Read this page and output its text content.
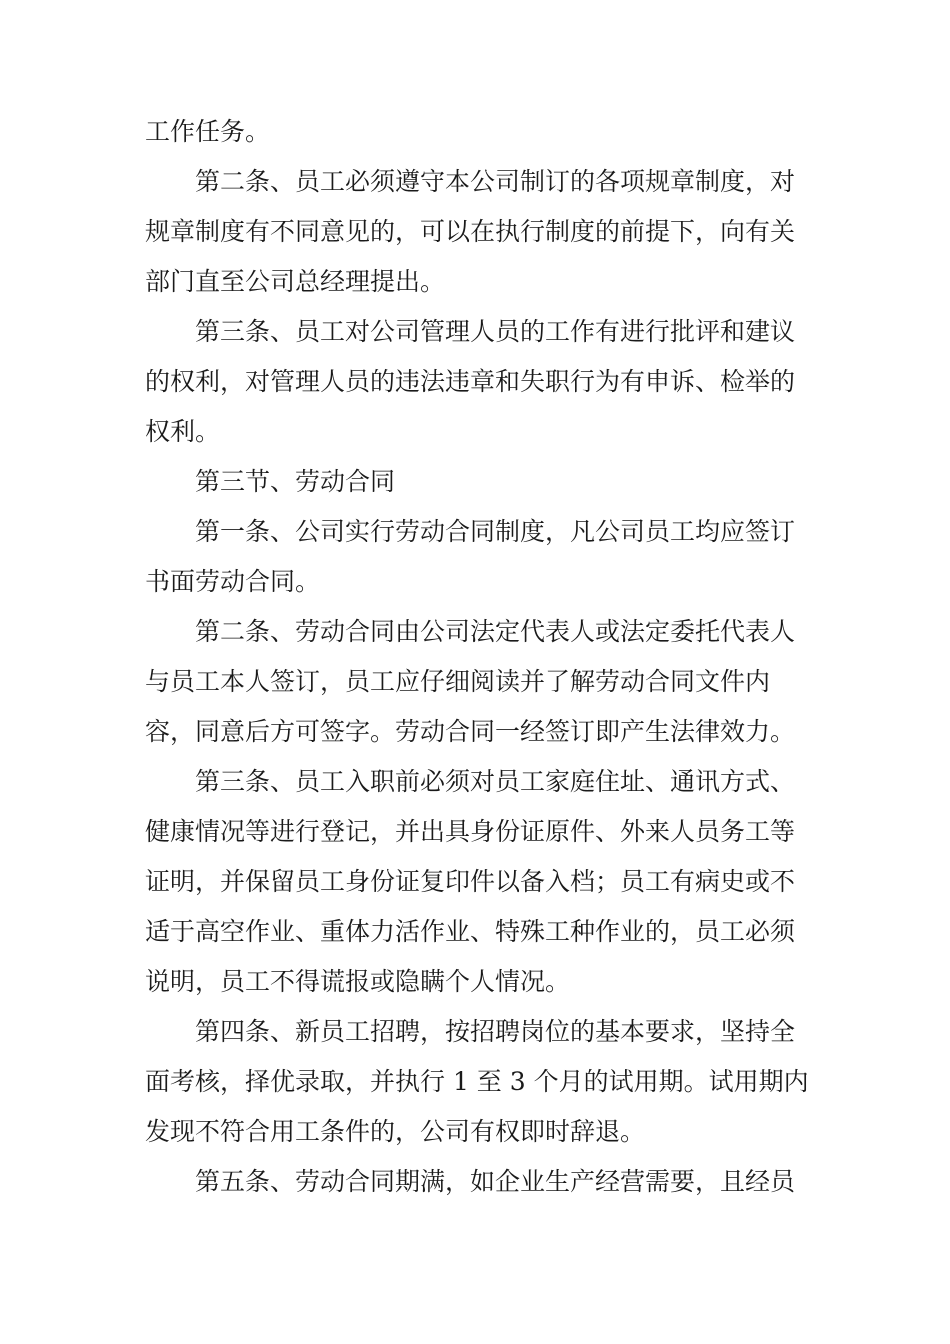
工作任务。
第二条、员工必须遵守本公司制订的各项规章制度，对
规章制度有不同意见的，可以在执行制度的前提下，向有关
部门直至公司总经理提出。
第三条、员工对公司管理人员的工作有进行批评和建议
的权利，对管理人员的违法违章和失职行为有申诉、检举的
权利。
第三节、劳动合同
第一条、公司实行劳动合同制度，凡公司员工均应签订
书面劳动合同。
第二条、劳动合同由公司法定代表人或法定委托代表人
与员工本人签订，员工应仔细阅读并了解劳动合同文件内
容，同意后方可签字。劳动合同一经签订即产生法律效力。
第三条、员工入职前必须对员工家庭住址、通讯方式、
健康情况等进行登记，并出具身份证原件、外来人员务工等
证明，并保留员工身份证复印件以备入档；员工有病史或不
适于高空作业、重体力活作业、特殊工种作业的，员工必须
说明，员工不得谎报或隐瞒个人情况。
第四条、新员工招聘，按招聘岗位的基本要求，坚持全
面考核，择优录取，并执行 1 至 3 个月的试用期。试用期内
发现不符合用工条件的，公司有权即时辞退。
第五条、劳动合同期满，如企业生产经营需要，且经员
